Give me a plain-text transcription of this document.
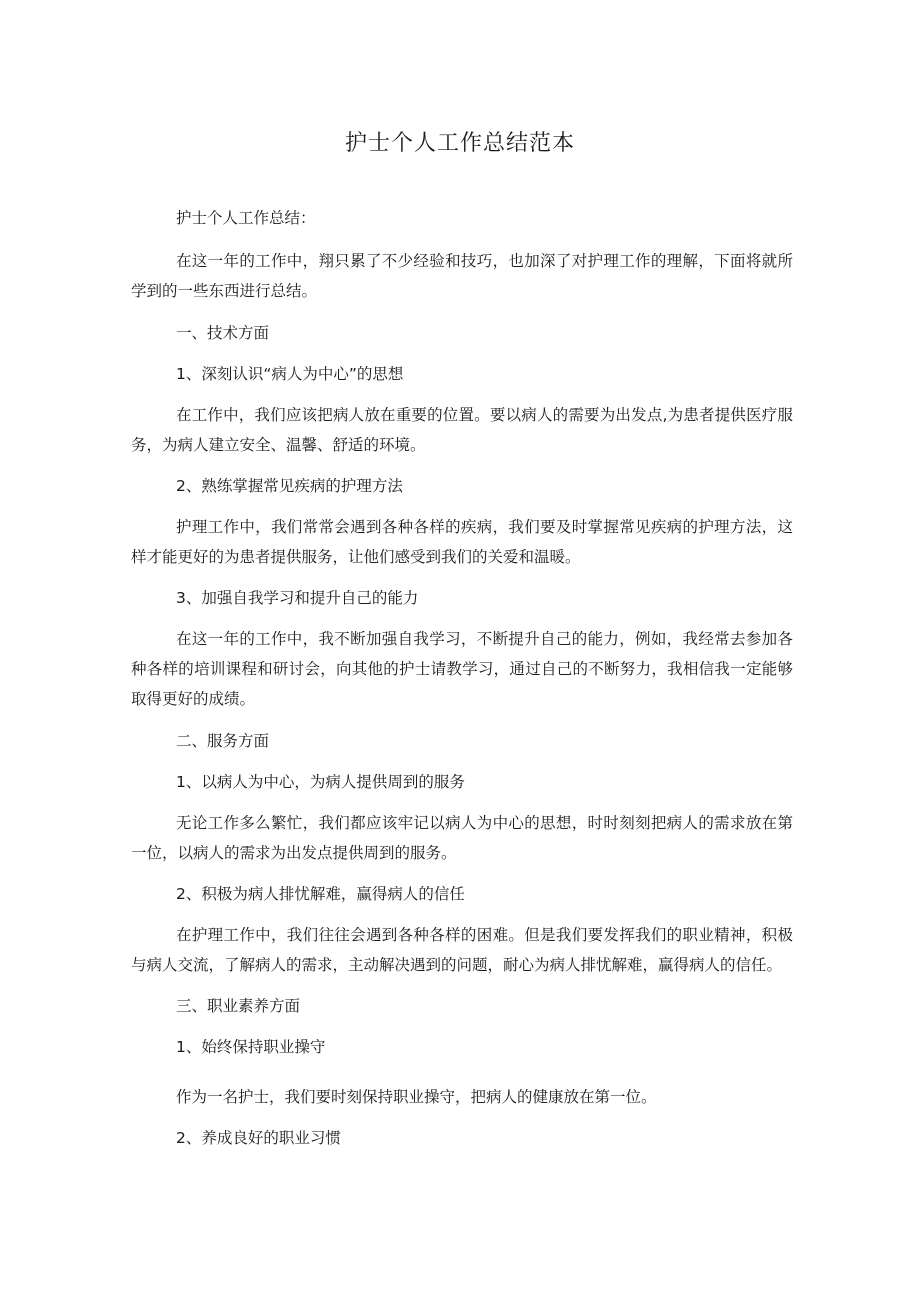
护士个人工作总结范本

护士个人工作总结：

在这一年的工作中，翔只累了不少经验和技巧，也加深了对护理工作的理解，下面将就所学到的一些东西进行总结。

一、技术方面

1、深刻认识“病人为中心”的思想

在工作中，我们应该把病人放在重要的位置。要以病人的需要为出发点,为患者提供医疗服务，为病人建立安全、温馨、舒适的环境。

2、熟练掌握常见疾病的护理方法

护理工作中，我们常常会遇到各种各样的疾病，我们要及时掌握常见疾病的护理方法，这样才能更好的为患者提供服务，让他们感受到我们的关爱和温暖。

3、加强自我学习和提升自己的能力

在这一年的工作中，我不断加强自我学习，不断提升自己的能力，例如，我经常去参加各种各样的培训课程和研讨会，向其他的护士请教学习，通过自己的不断努力，我相信我一定能够取得更好的成绩。

二、服务方面

1、以病人为中心，为病人提供周到的服务

无论工作多么繁忙，我们都应该牢记以病人为中心的思想，时时刻刻把病人的需求放在第一位，以病人的需求为出发点提供周到的服务。

2、积极为病人排忧解难，赢得病人的信任

在护理工作中，我们往往会遇到各种各样的困难。但是我们要发挥我们的职业精神，积极与病人交流，了解病人的需求，主动解决遇到的问题，耐心为病人排忧解难，赢得病人的信任。

三、职业素养方面

1、始终保持职业操守

作为一名护士，我们要时刻保持职业操守，把病人的健康放在第一位。

2、养成良好的职业习惯
